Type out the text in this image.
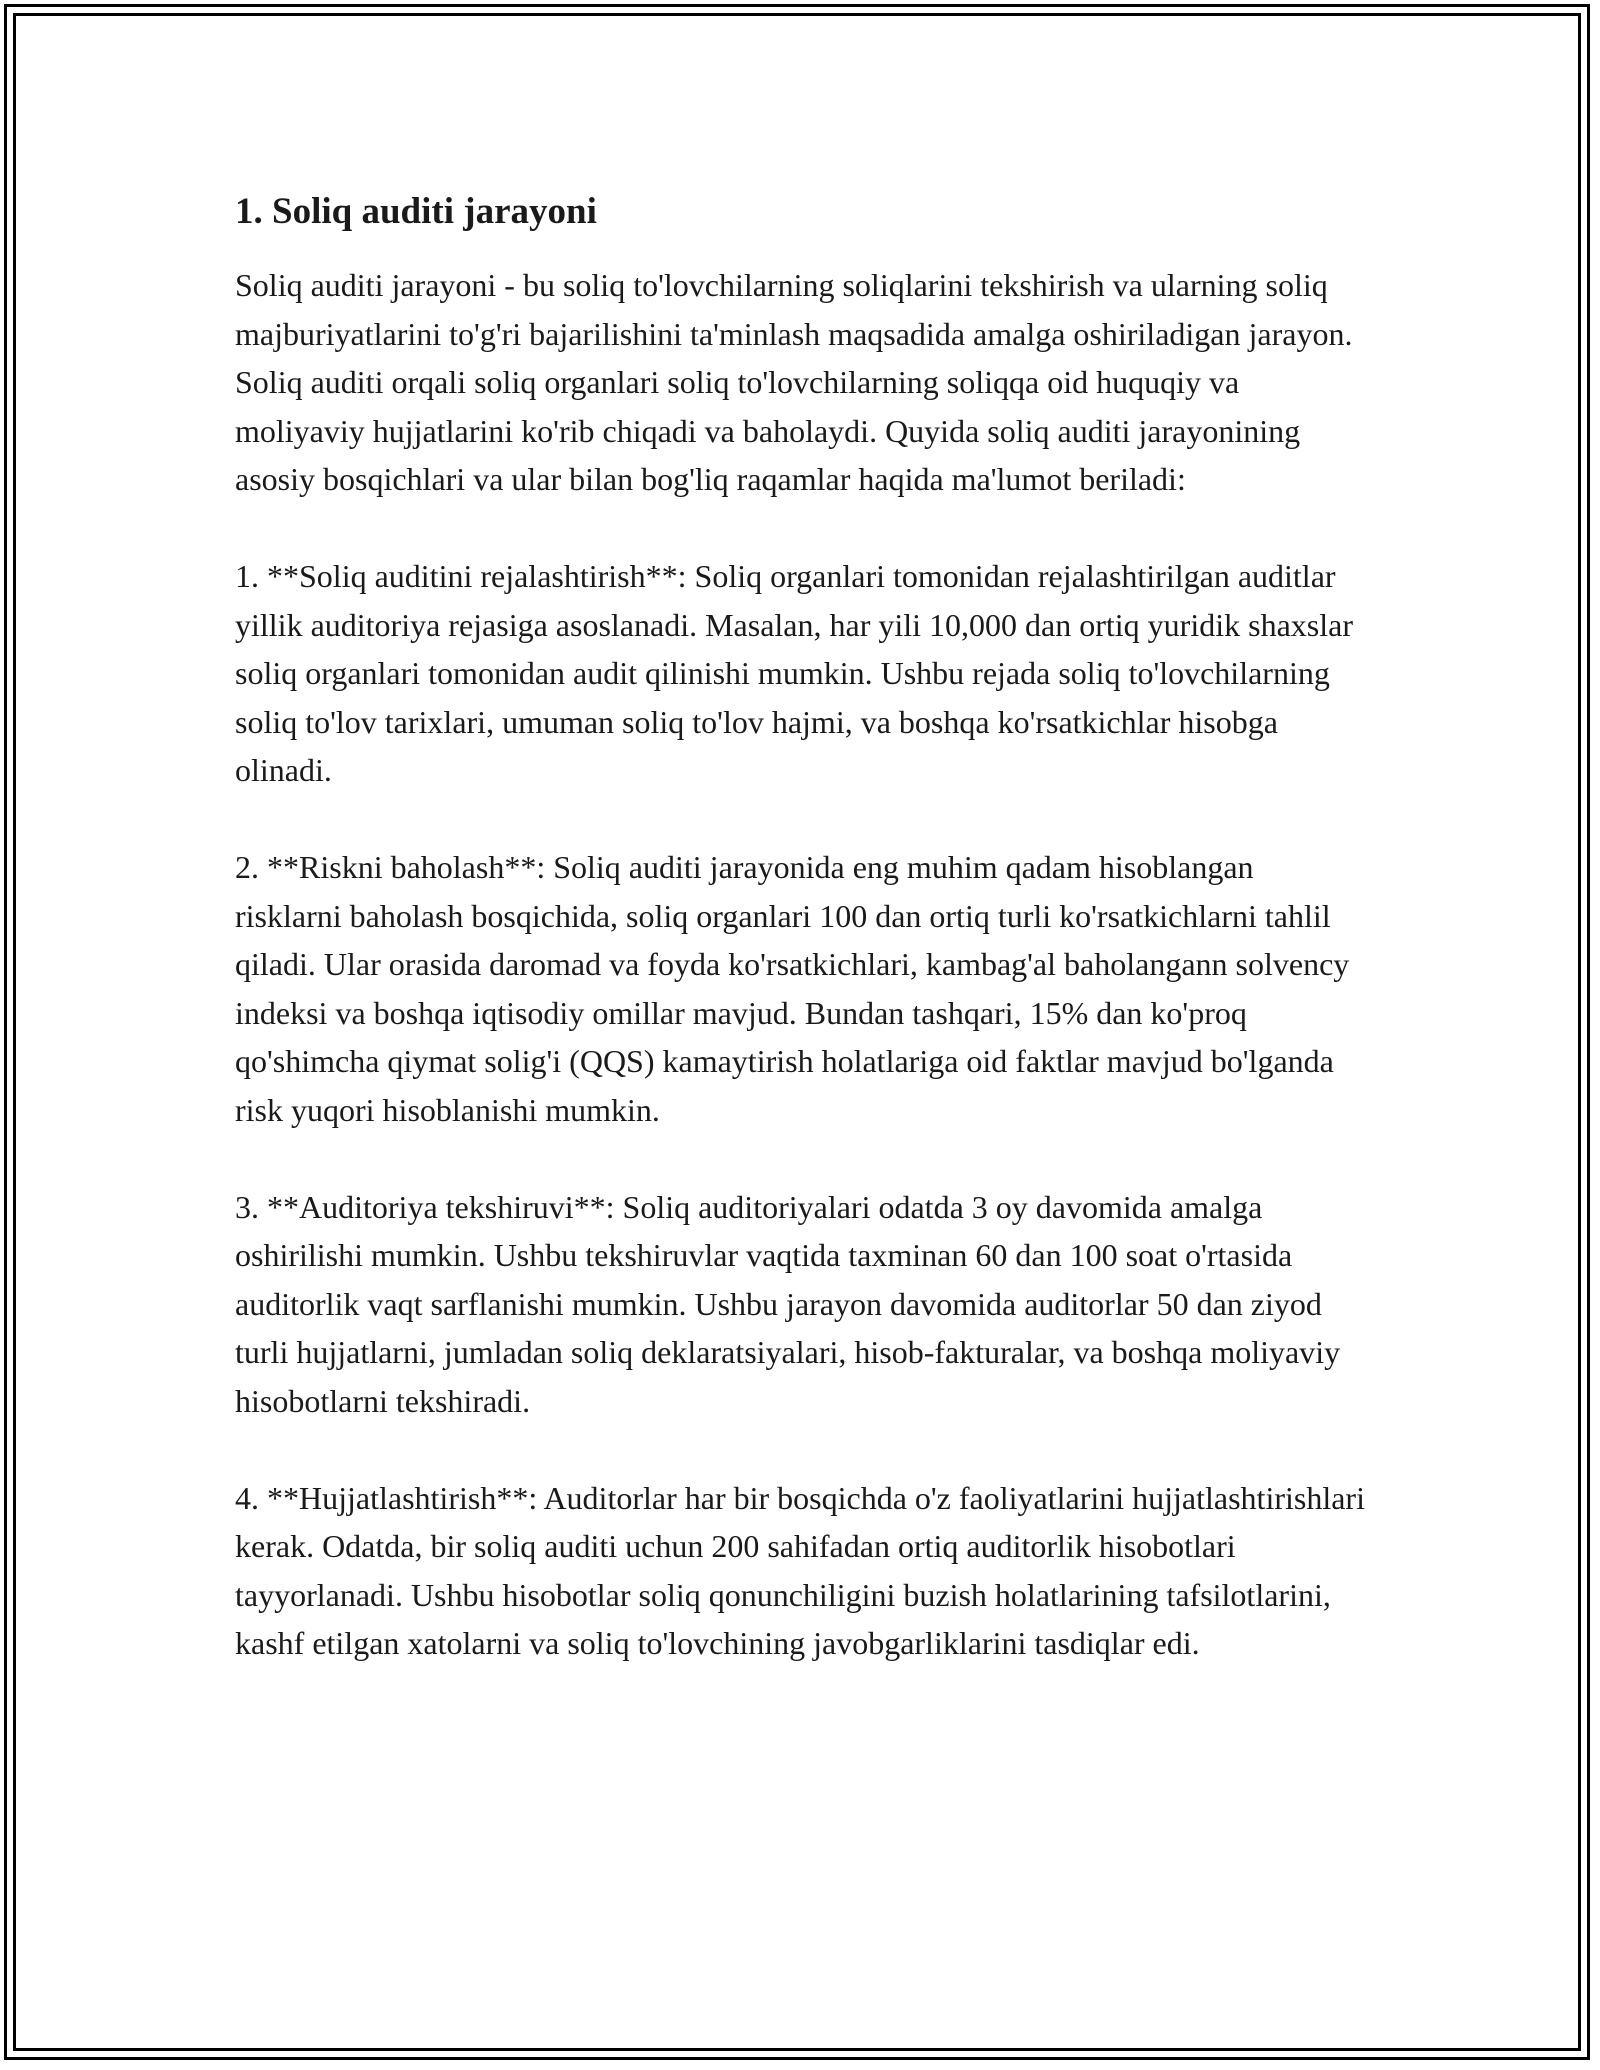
1. Soliq auditi jarayoni

Soliq auditi jarayoni - bu soliq to'lovchilarning soliqlarini tekshirish va ularning soliq majburiyatlarini to'g'ri bajarilishini ta'minlash maqsadida amalga oshiriladigan jarayon. Soliq auditi orqali soliq organlari soliq to'lovchilarning soliqqa oid huquqiy va moliyaviy hujjatlarini ko'rib chiqadi va baholaydi. Quyida soliq auditi jarayonining asosiy bosqichlari va ular bilan bog'liq raqamlar haqida ma'lumot beriladi:

1. **Soliq auditini rejalashtirish**: Soliq organlari tomonidan rejalashtirilgan auditlar yillik auditoriya rejasiga asoslanadi. Masalan, har yili 10,000 dan ortiq yuridik shaxslar soliq organlari tomonidan audit qilinishi mumkin. Ushbu rejada soliq to'lovchilarning soliq to'lov tarixlari, umuman soliq to'lov hajmi, va boshqa ko'rsatkichlar hisobga olinadi.

2. **Riskni baholash**: Soliq auditi jarayonida eng muhim qadam hisoblangan risklarni baholash bosqichida, soliq organlari 100 dan ortiq turli ko'rsatkichlarni tahlil qiladi. Ular orasida daromad va foyda ko'rsatkichlari, kambag'al baholangann solvency indeksi va boshqa iqtisodiy omillar mavjud. Bundan tashqari, 15% dan ko'proq qo'shimcha qiymat solig'i (QQS) kamaytirish holatlariga oid faktlar mavjud bo'lganda risk yuqori hisoblanishi mumkin.

3. **Auditoriya tekshiruvi**: Soliq auditoriyalari odatda 3 oy davomida amalga oshirilishi mumkin. Ushbu tekshiruvlar vaqtida taxminan 60 dan 100 soat o'rtasida auditorlik vaqt sarflanishi mumkin. Ushbu jarayon davomida auditorlar 50 dan ziyod turli hujjatlarni, jumladan soliq deklaratsiyalari, hisob-fakturalar, va boshqa moliyaviy hisobotlarni tekshiradi.

4. **Hujjatlashtirish**: Auditorlar har bir bosqichda o'z faoliyatlarini hujjatlashtirishlari kerak. Odatda, bir soliq auditi uchun 200 sahifadan ortiq auditorlik hisobotlari tayyorlanadi. Ushbu hisobotlar soliq qonunchiligini buzish holatlarining tafsilotlarini, kashf etilgan xatolarni va soliq to'lovchining javobgarliklarini tasdiqlar edi.
